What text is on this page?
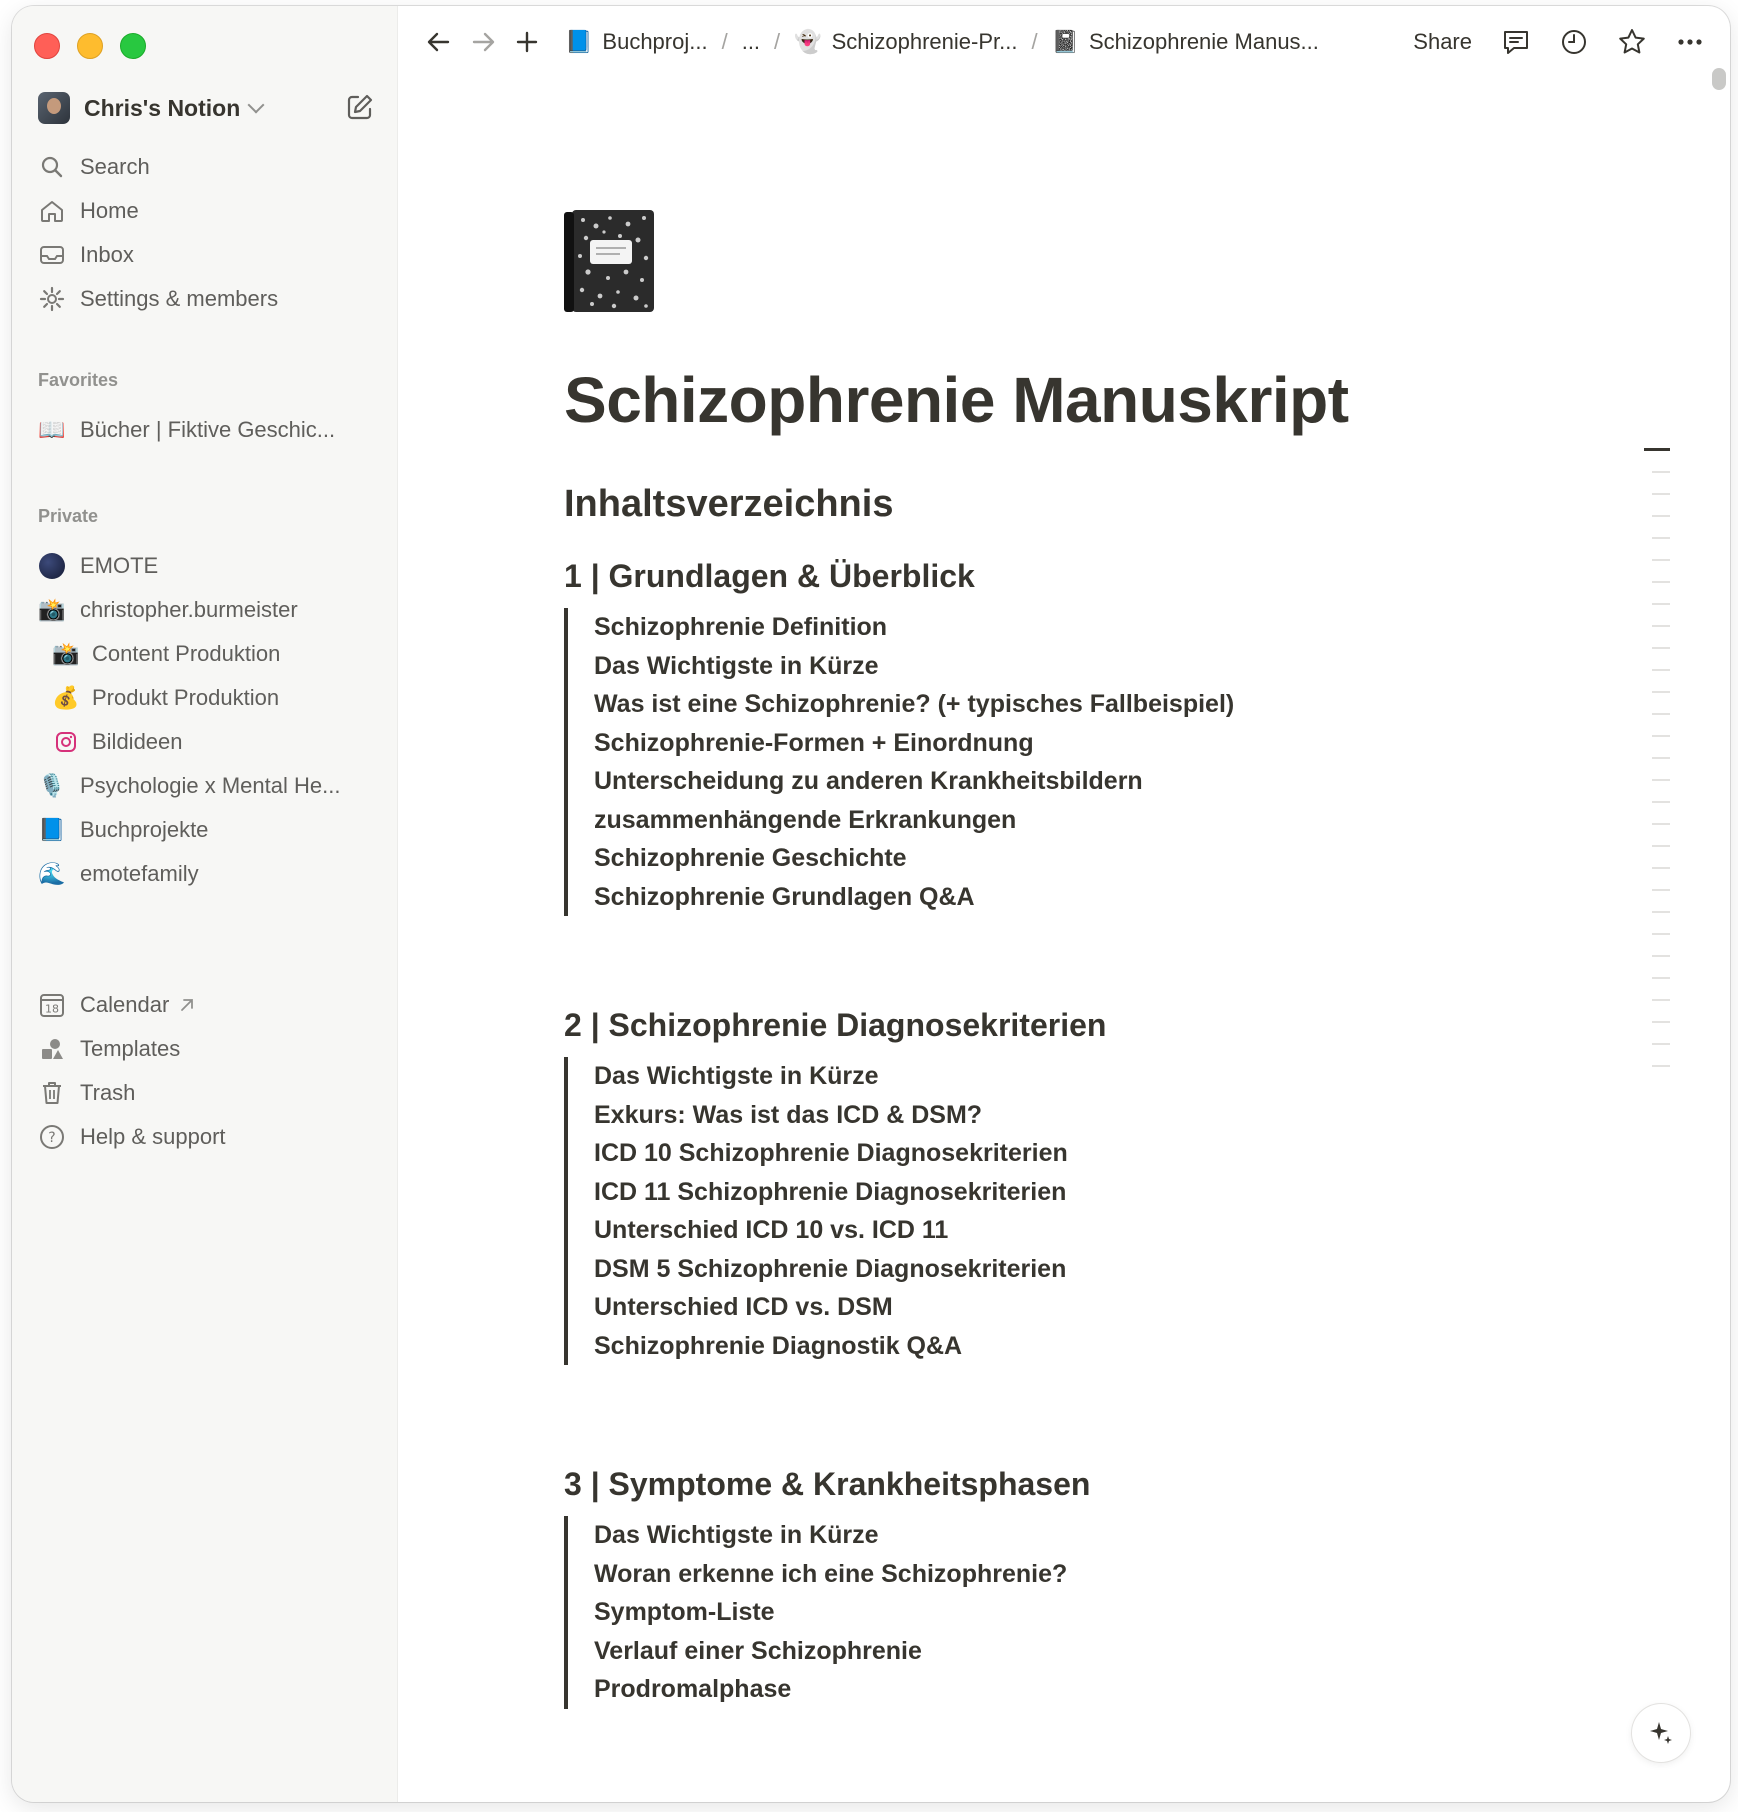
Chris's Notion
Search
Home
Inbox
Settings & members
Favorites
📖 Bücher | Fiktive Geschic...
Private
EMOTE
📸 christopher.burmeister
📸 Content Produktion
💰 Produkt Produktion
Bildideen
🎙️ Psychologie x Mental He...
📘 Buchprojekte
🌊 emotefamily
18 Calendar
Templates
Trash
? Help & support
📘 Buchproj... / ... / 👻 Schizophrenie-Pr... / 📓 Schizophrenie Manus...	Share
Schizophrenie Manuskript
Inhaltsverzeichnis
1 | Grundlagen & Überblick
Schizophrenie Definition
Das Wichtigste in Kürze
Was ist eine Schizophrenie? (+ typisches Fallbeispiel)
Schizophrenie-Formen + Einordnung
Unterscheidung zu anderen Krankheitsbildern
zusammenhängende Erkrankungen
Schizophrenie Geschichte
Schizophrenie Grundlagen Q&A
2 | Schizophrenie Diagnosekriterien
Das Wichtigste in Kürze
Exkurs: Was ist das ICD & DSM?
ICD 10 Schizophrenie Diagnosekriterien
ICD 11 Schizophrenie Diagnosekriterien
Unterschied ICD 10 vs. ICD 11
DSM 5 Schizophrenie Diagnosekriterien
Unterschied ICD vs. DSM
Schizophrenie Diagnostik Q&A
3 | Symptome & Krankheitsphasen
Das Wichtigste in Kürze
Woran erkenne ich eine Schizophrenie?
Symptom-Liste
Verlauf einer Schizophrenie
Prodromalphase
